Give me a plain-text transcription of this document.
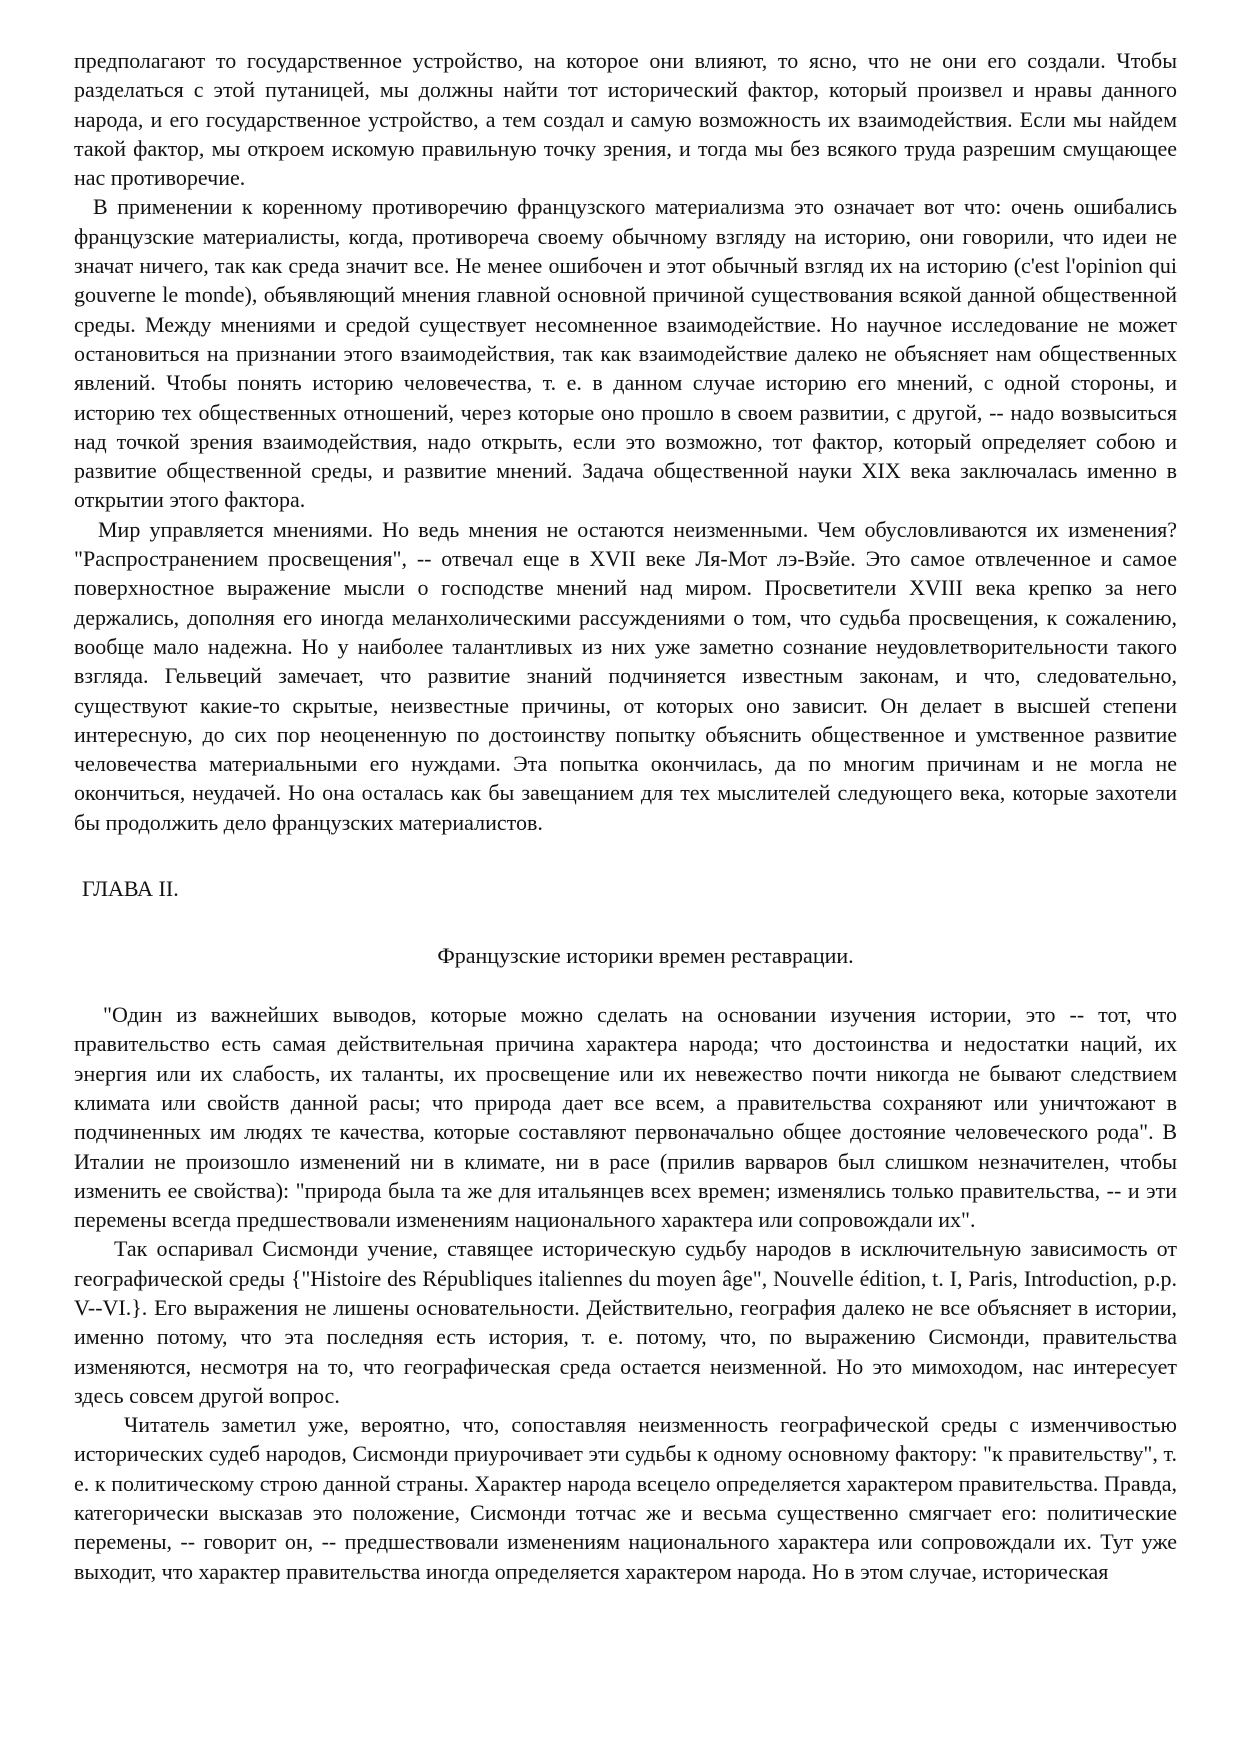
предполагают то государственное устройство, на которое они влияют, то ясно, что не они его создали. Чтобы разделаться с этой путаницей, мы должны найти тот исторический фактор, который произвел и нравы данного народа, и его государственное устройство, а тем создал и самую возможность их взаимодействия. Если мы найдем такой фактор, мы откроем искомую правильную точку зрения, и тогда мы без всякого труда разрешим смущающее нас противоречие.

В применении к коренному противоречию французского материализма это означает вот что: очень ошибались французские материалисты, когда, противореча своему обычному взгляду на историю, они говорили, что идеи не значат ничего, так как среда значит все. Не менее ошибочен и этот обычный взгляд их на историю (c'est l'opinion qui gouverne le monde), объявляющий мнения главной основной причиной существования всякой данной общественной среды. Между мнениями и средой существует несомненное взаимодействие. Но научное исследование не может остановиться на признании этого взаимодействия, так как взаимодействие далеко не объясняет нам общественных явлений. Чтобы понять историю человечества, т. е. в данном случае историю его мнений, с одной стороны, и историю тех общественных отношений, через которые оно прошло в своем развитии, с другой, -- надо возвыситься над точкой зрения взаимодействия, надо открыть, если это возможно, тот фактор, который определяет собою и развитие общественной среды, и развитие мнений. Задача общественной науки XIX века заключалась именно в открытии этого фактора.

Мир управляется мнениями. Но ведь мнения не остаются неизменными. Чем обусловливаются их изменения? "Распространением просвещения", -- отвечал еще в XVII веке Ля-Мот лэ-Вэйе. Это самое отвлеченное и самое поверхностное выражение мысли о господстве мнений над миром. Просветители XVIII века крепко за него держались, дополняя его иногда меланхолическими рассуждениями о том, что судьба просвещения, к сожалению, вообще мало надежна. Но у наиболее талантливых из них уже заметно сознание неудовлетворительности такого взгляда. Гельвеций замечает, что развитие знаний подчиняется известным законам, и что, следовательно, существуют какие-то скрытые, неизвестные причины, от которых оно зависит. Он делает в высшей степени интересную, до сих пор неоцененную по достоинству попытку объяснить общественное и умственное развитие человечества материальными его нуждами. Эта попытка окончилась, да по многим причинам и не могла не окончиться, неудачей. Но она осталась как бы завещанием для тех мыслителей следующего века, которые захотели бы продолжить дело французских материалистов.

ГЛАВА II.
Французские историки времен реставрации.

"Один из важнейших выводов, которые можно сделать на основании изучения истории, это -- тот, что правительство есть самая действительная причина характера народа; что достоинства и недостатки наций, их энергия или их слабость, их таланты, их просвещение или их невежество почти никогда не бывают следствием климата или свойств данной расы; что природа дает все всем, а правительства сохраняют или уничтожают в подчиненных им людях те качества, которые составляют первоначально общее достояние человеческого рода". В Италии не произошло изменений ни в климате, ни в расе (прилив варваров был слишком незначителен, чтобы изменить ее свойства): "природа была та же для итальянцев всех времен; изменялись только правительства, -- и эти перемены всегда предшествовали изменениям национального характера или сопровождали их".

Так оспаривал Сисмонди учение, ставящее историческую судьбу народов в исключительную зависимость от географической среды {"Histoire des Républiques italiennes du moyen âge", Nouvelle édition, t. I, Paris, Introduction, p.p. V--VI.}. Его выражения не лишены основательности. Действительно, география далеко не все объясняет в истории, именно потому, что эта последняя есть история, т. е. потому, что, по выражению Сисмонди, правительства изменяются, несмотря на то, что географическая среда остается неизменной. Но это мимоходом, нас интересует здесь совсем другой вопрос.

Читатель заметил уже, вероятно, что, сопоставляя неизменность географической среды с изменчивостью исторических судеб народов, Сисмонди приурочивает эти судьбы к одному основному фактору: "к правительству", т. е. к политическому строю данной страны. Характер народа всецело определяется характером правительства. Правда, категорически высказав это положение, Сисмонди тотчас же и весьма существенно смягчает его: политические перемены, -- говорит он, -- предшествовали изменениям национального характера или сопровождали их. Тут уже выходит, что характер правительства иногда определяется характером народа. Но в этом случае, историческая
